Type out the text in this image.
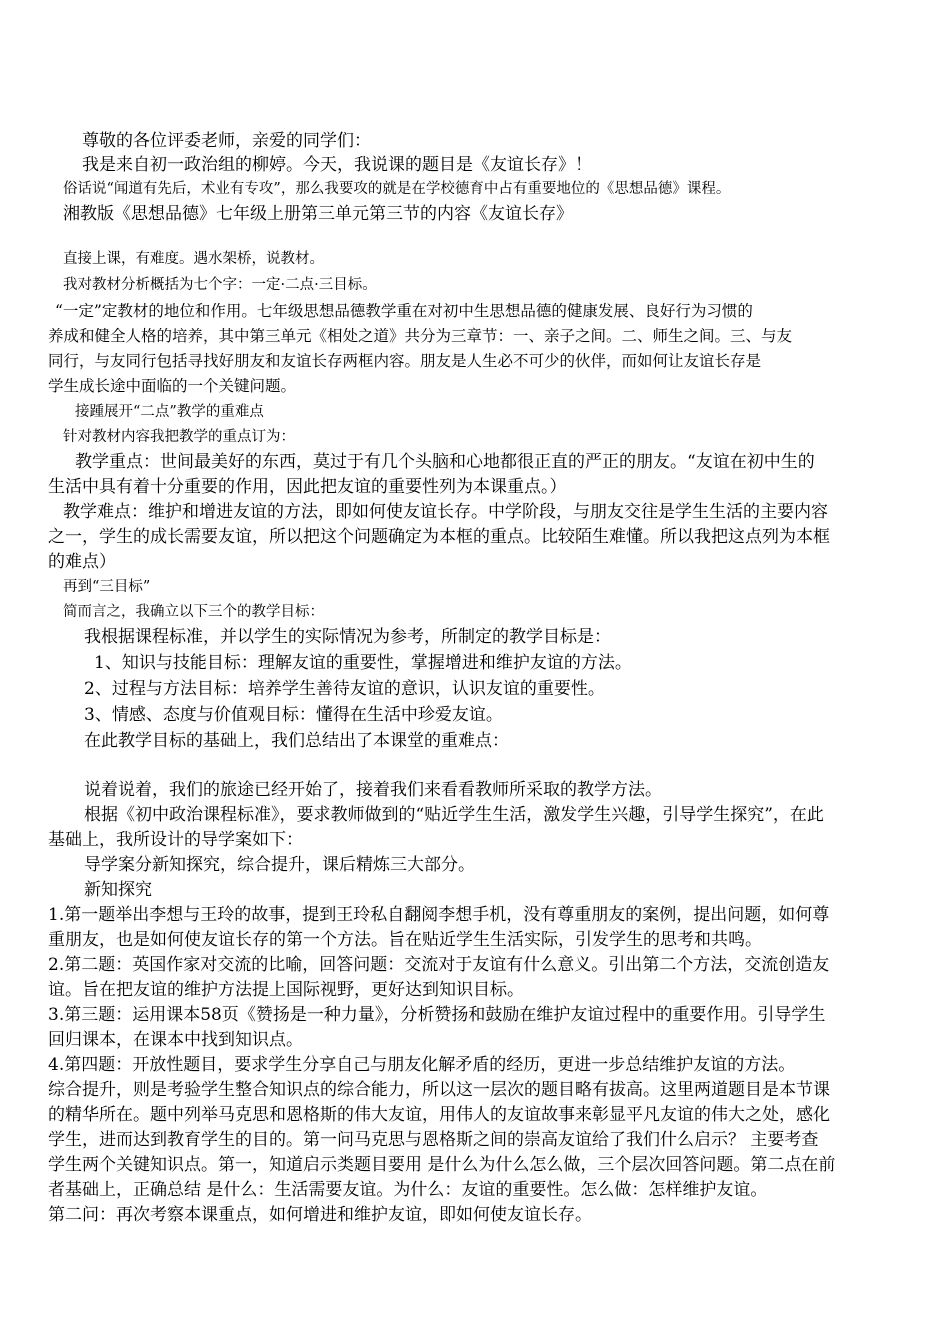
尊敬的各位评委老师，亲爱的同学们：
我是来自初一政治组的柳婷。今天，我说课的题目是《友谊长存》！
俗话说“闻道有先后，术业有专攻”，那么我要攻的就是在学校德育中占有重要地位的《思想品德》课程。
湘教版《思想品德》七年级上册第三单元第三节的内容《友谊长存》
直接上课，有难度。遇水架桥，说教材。
我对教材分析概括为七个字：一定·二点·三目标。
“一定”定教材的地位和作用。七年级思想品德教学重在对初中生思想品德的健康发展、良好行为习惯的
养成和健全人格的培养，其中第三单元《相处之道》共分为三章节：一、亲子之间。二、师生之间。三、与友
同行，与友同行包括寻找好朋友和友谊长存两框内容。朋友是人生必不可少的伙伴，而如何让友谊长存是
学生成长途中面临的一个关键问题。
接踵展开“二点”教学的重难点
针对教材内容我把教学的重点订为：
教学重点：世间最美好的东西，莫过于有几个头脑和心地都很正直的严正的朋友。“友谊在初中生的
生活中具有着十分重要的作用，因此把友谊的重要性列为本课重点。）
教学难点：维护和增进友谊的方法，即如何使友谊长存。中学阶段，与朋友交往是学生生活的主要内容
之一，学生的成长需要友谊，所以把这个问题确定为本框的重点。比较陌生难懂。所以我把这点列为本框
的难点）
再到“三目标”
简而言之，我确立以下三个的教学目标：
我根据课程标准，并以学生的实际情况为参考，所制定的教学目标是：
1、知识与技能目标：理解友谊的重要性，掌握增进和维护友谊的方法。
2、过程与方法目标：培养学生善待友谊的意识，认识友谊的重要性。
3、情感、态度与价值观目标：懂得在生活中珍爱友谊。
在此教学目标的基础上，我们总结出了本课堂的重难点：
说着说着，我们的旅途已经开始了，接着我们来看看教师所采取的教学方法。
根据《初中政治课程标准》，要求教师做到的“贴近学生生活，激发学生兴趣，引导学生探究”，在此
基础上，我所设计的导学案如下：
导学案分新知探究，综合提升，课后精炼三大部分。
新知探究
1.第一题举出李想与王玲的故事，提到王玲私自翻阅李想手机，没有尊重朋友的案例，提出问题，如何尊
重朋友，也是如何使友谊长存的第一个方法。旨在贴近学生生活实际，引发学生的思考和共鸣。
2.第二题：英国作家对交流的比喻，回答问题：交流对于友谊有什么意义。引出第二个方法，交流创造友
谊。旨在把友谊的维护方法提上国际视野，更好达到知识目标。
3.第三题：运用课本58页《赞扬是一种力量》，分析赞扬和鼓励在维护友谊过程中的重要作用。引导学生
回归课本，在课本中找到知识点。
4.第四题：开放性题目，要求学生分享自己与朋友化解矛盾的经历，更进一步总结维护友谊的方法。
综合提升，则是考验学生整合知识点的综合能力，所以这一层次的题目略有拔高。这里两道题目是本节课
的精华所在。题中列举马克思和恩格斯的伟大友谊，用伟人的友谊故事来彰显平凡友谊的伟大之处，感化
学生，进而达到教育学生的目的。第一问马克思与恩格斯之间的崇高友谊给了我们什么启示？ 主要考查
学生两个关键知识点。第一，知道启示类题目要用 是什么为什么怎么做，三个层次回答问题。第二点在前
者基础上，正确总结 是什么：生活需要友谊。为什么：友谊的重要性。怎么做：怎样维护友谊。
第二问：再次考察本课重点，如何增进和维护友谊，即如何使友谊长存。
